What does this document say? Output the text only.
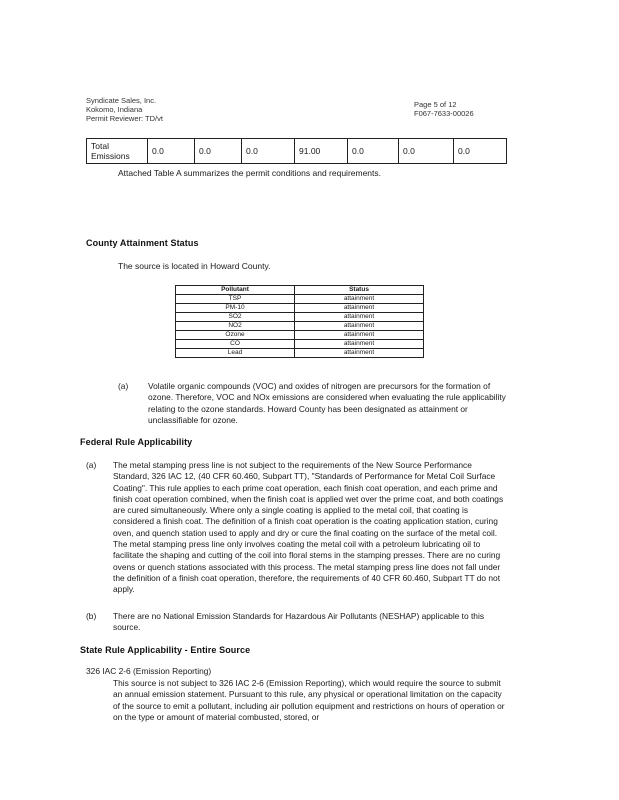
Syndicate Sales, Inc.
Kokomo, Indiana
Permit Reviewer: TD/vt
Page 5 of 12
F067-7633-00026
Total Emissions	0.0	0.0	0.0	91.00	0.0	0.0	0.0
Attached Table A summarizes the permit conditions and requirements.
County Attainment Status
The source is located in Howard County.
Pollutant	Status
TSP	attainment
PM-10	attainment
SO2	attainment
NO2	attainment
Ozone	attainment
CO	attainment
Lead	attainment
(a) Volatile organic compounds (VOC) and oxides of nitrogen are precursors for the formation of ozone. Therefore, VOC and NOx emissions are considered when evaluating the rule applicability relating to the ozone standards. Howard County has been designated as attainment or unclassifiable for ozone.
Federal Rule Applicability
(a) The metal stamping press line is not subject to the requirements of the New Source Performance Standard, 326 IAC 12, (40 CFR 60.460, Subpart TT), "Standards of Performance for Metal Coil Surface Coating". This rule applies to each prime coat operation, each finish coat operation, and each prime and finish coat operation combined, when the finish coat is applied wet over the prime coat, and both coatings are cured simultaneously. Where only a single coating is applied to the metal coil, that coating is considered a finish coat. The definition of a finish coat operation is the coating application station, curing oven, and quench station used to apply and dry or cure the final coating on the surface of the metal coil. The metal stamping press line only involves coating the metal coil with a petroleum lubricating oil to facilitate the shaping and cutting of the coil into floral stems in the stamping presses. There are no curing ovens or quench stations associated with this process. The metal stamping press line does not fall under the definition of a finish coat operation, therefore, the requirements of 40 CFR 60.460, Subpart TT do not apply.
(b) There are no National Emission Standards for Hazardous Air Pollutants (NESHAP) applicable to this source.
State Rule Applicability - Entire Source
326 IAC 2-6 (Emission Reporting)
This source is not subject to 326 IAC 2-6 (Emission Reporting), which would require the source to submit an annual emission statement. Pursuant to this rule, any physical or operational limitation on the capacity of the source to emit a pollutant, including air pollution equipment and restrictions on hours of operation or on the type or amount of material combusted, stored, or
